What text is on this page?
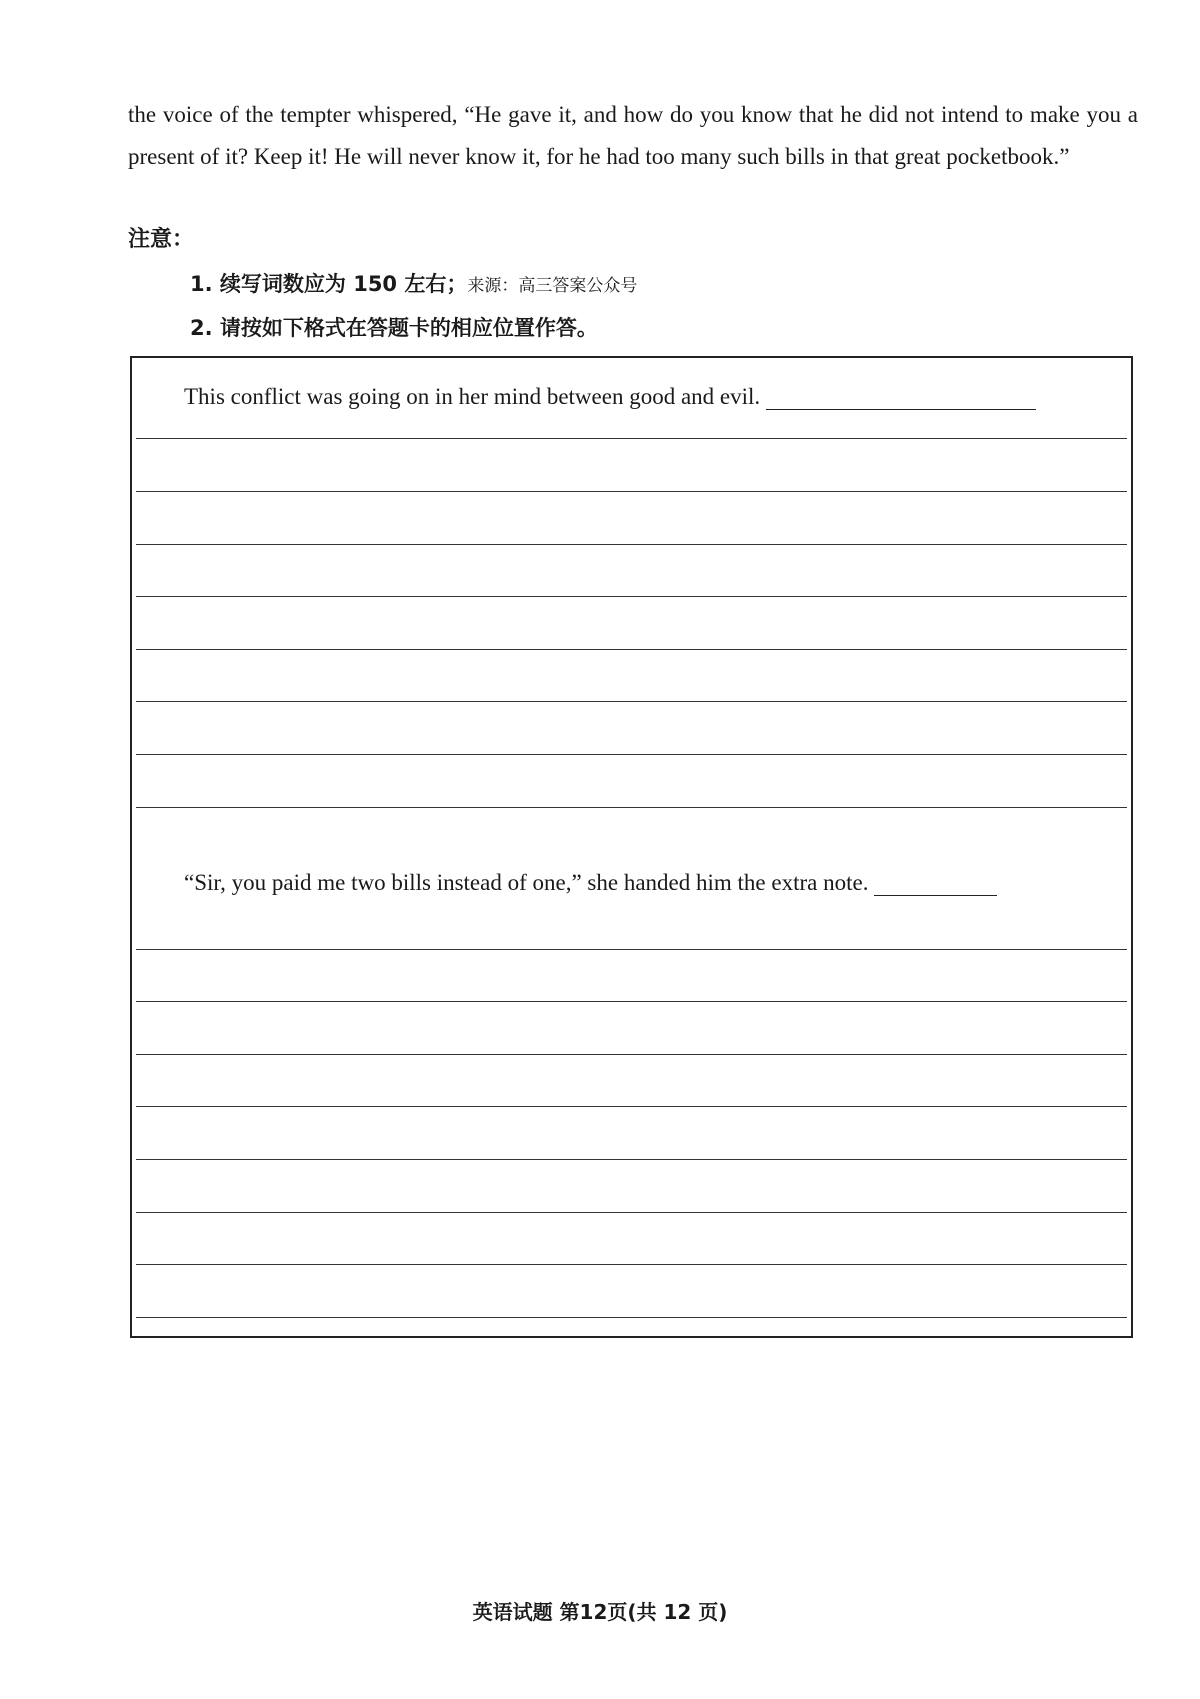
the voice of the tempter whispered, “He gave it, and how do you know that he did not intend to make you a present of it? Keep it! He will never know it, for he had too many such bills in that great pocketbook.”

注意：
1. 续写词数应为 150 左右；来源：高三答案公众号
2. 请按如下格式在答题卡的相应位置作答。
This conflict was going on in her mind between good and evil.
“Sir, you paid me two bills instead of one,” she handed him the extra note.
英语试题 第12页(共 12 页)
